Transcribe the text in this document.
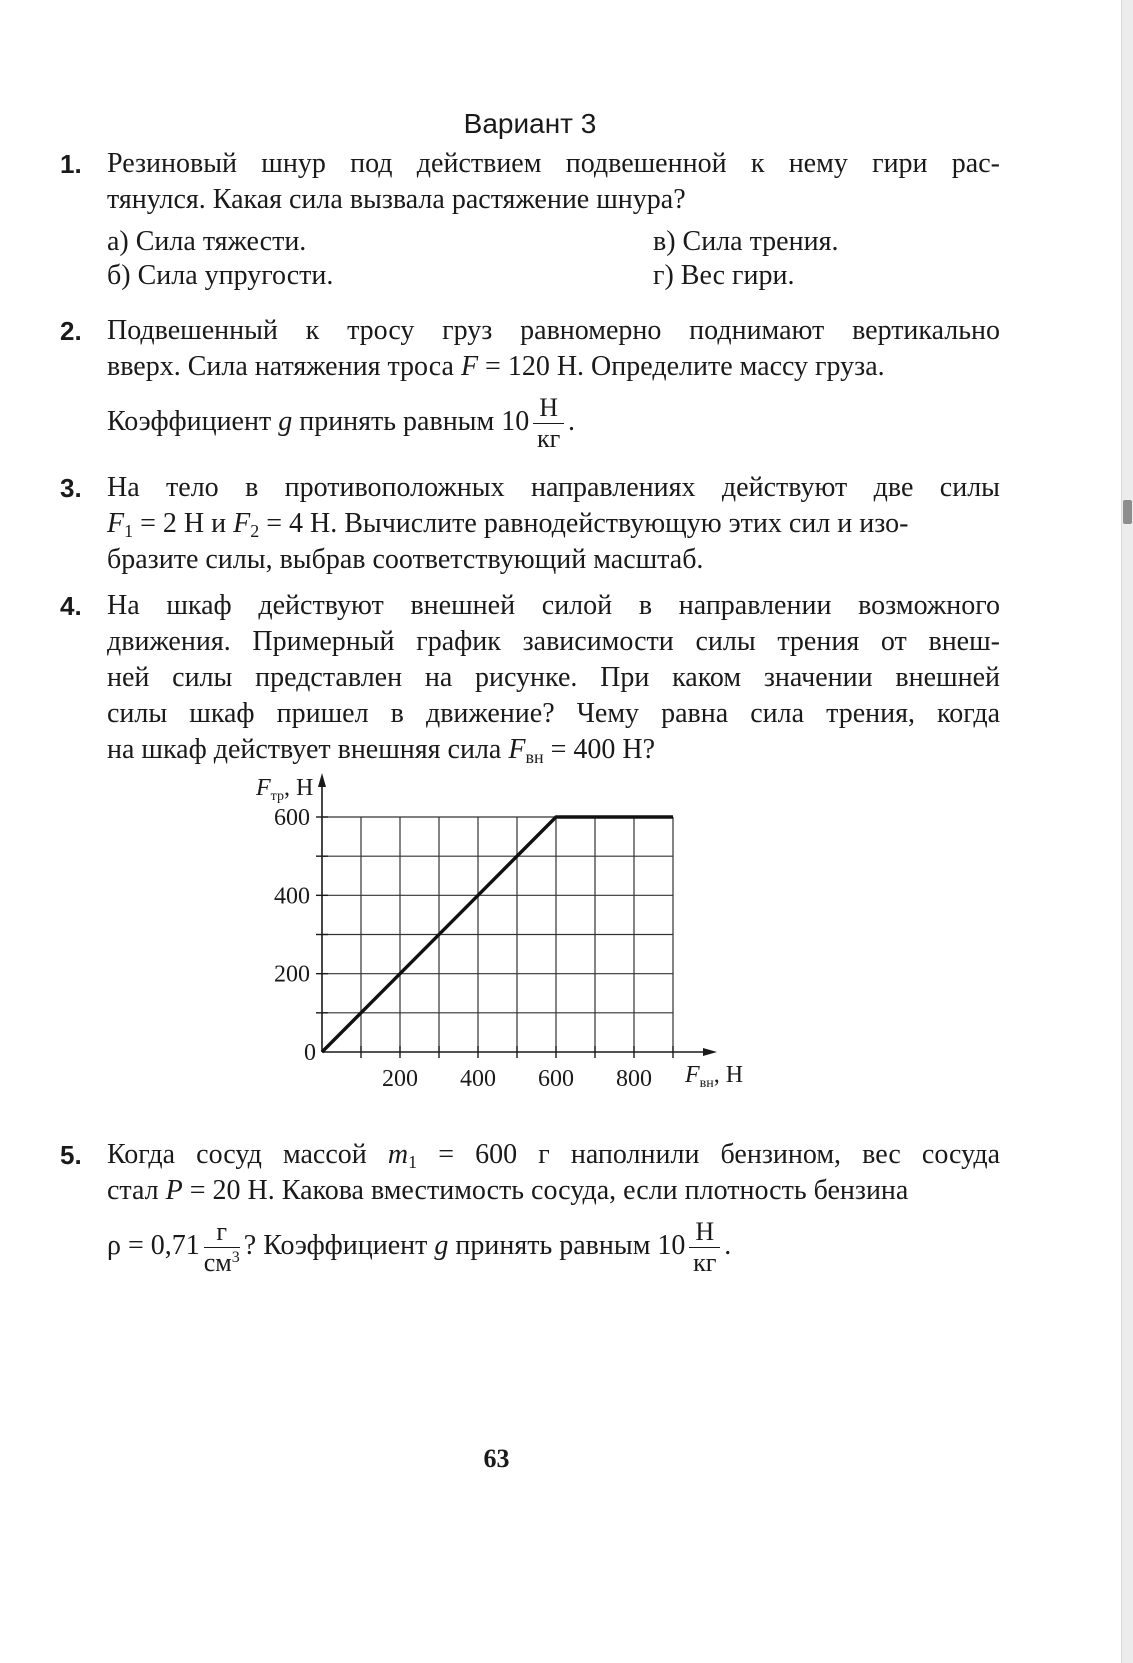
Вариант 3
1. Резиновый шнур под действием подвешенной к нему гири рас-
тянулся. Какая сила вызвала растяжение шнура?
а) Сила тяжести.
б) Сила упругости.
в) Сила трения.
г) Вес гири.
2. Подвешенный к тросу груз равномерно поднимают вертикально
вверх. Сила натяжения троса F = 120 Н. Определите массу груза.
Коэффициент g принять равным $10 \frac{Н}{кг}$ .
3. На тело в противоположных направлениях действуют две силы
$F_1 = 2$ Н и $F_2 = 4$ Н. Вычислите равнодействующую этих сил и изо-
бразите силы, выбрав соответствующий масштаб.
4. На шкаф действуют внешней силой в направлении возможного
движения. Примерный график зависимости силы трения от внеш-
ней силы представлен на рисунке. При каком значении внешней
силы шкаф пришел в движение? Чему равна сила трения, когда
на шкаф действует внешняя сила $F_{вн} = 400$ Н?
200 400 600 800
200
400
600
0
$F_{тр}$, Н
$F_{вн}$, Н
5. Когда сосуд массой $m_1 = 600$ г наполнили бензином, вес сосуда
стал P = 20 Н. Какова вместимость сосуда, если плотность бензина
$\rho = 0,71 \frac{г}{см^3}$ ? Коэффициент g принять равным $10 \frac{Н}{кг}$ .
63
